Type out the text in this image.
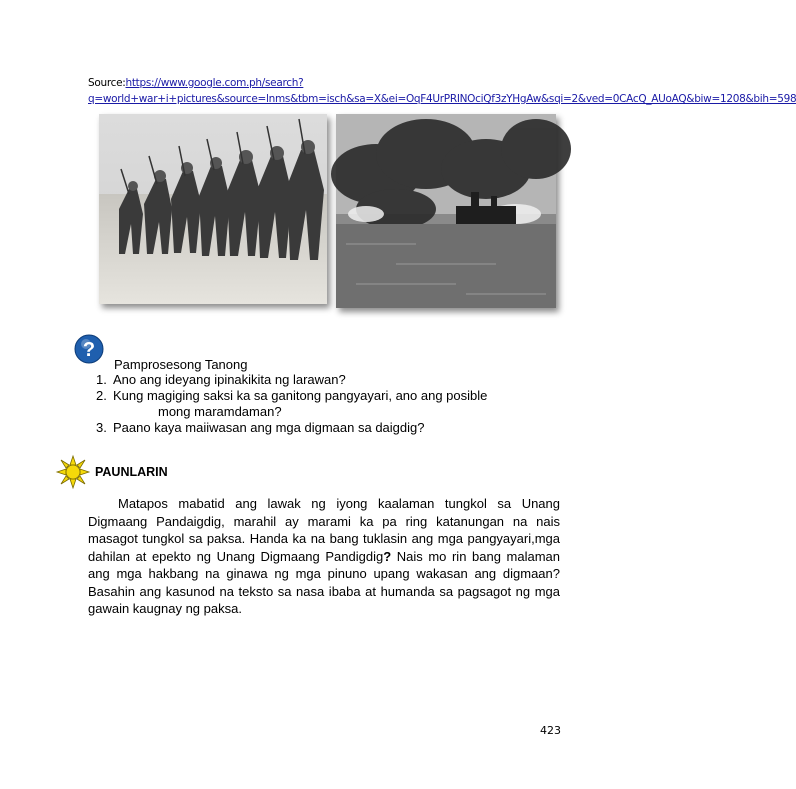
Source:https://www.google.com.ph/search?q=world+war+i+pictures&source=lnms&tbm=isch&sa=X&ei=OqF4UrPRINOciQf3zYHgAw&sqi=2&ved=0CAcQ_AUoAQ&biw=1208&bih=598
?
Pamprosesong Tanong
1. Ano ang ideyang ipinakikita ng larawan?
2. Kung magiging saksi ka sa ganitong pangyayari, ano ang posible
mong maramdaman?
3. Paano kaya maiiwasan ang mga digmaan sa daigdig?
PAUNLARIN
Matapos mabatid ang lawak ng iyong kaalaman tungkol sa Unang Digmaang Pandaigdig, marahil ay marami ka pa ring katanungan na nais masagot tungkol sa paksa. Handa ka na bang tuklasin ang mga pangyayari,mga dahilan at epekto ng Unang Digmaang Pandigdig? Nais mo rin bang malaman ang mga hakbang na ginawa ng mga pinuno upang wakasan ang digmaan? Basahin ang kasunod na teksto sa nasa ibaba at humanda sa pagsagot ng mga gawain kaugnay ng paksa.
423
